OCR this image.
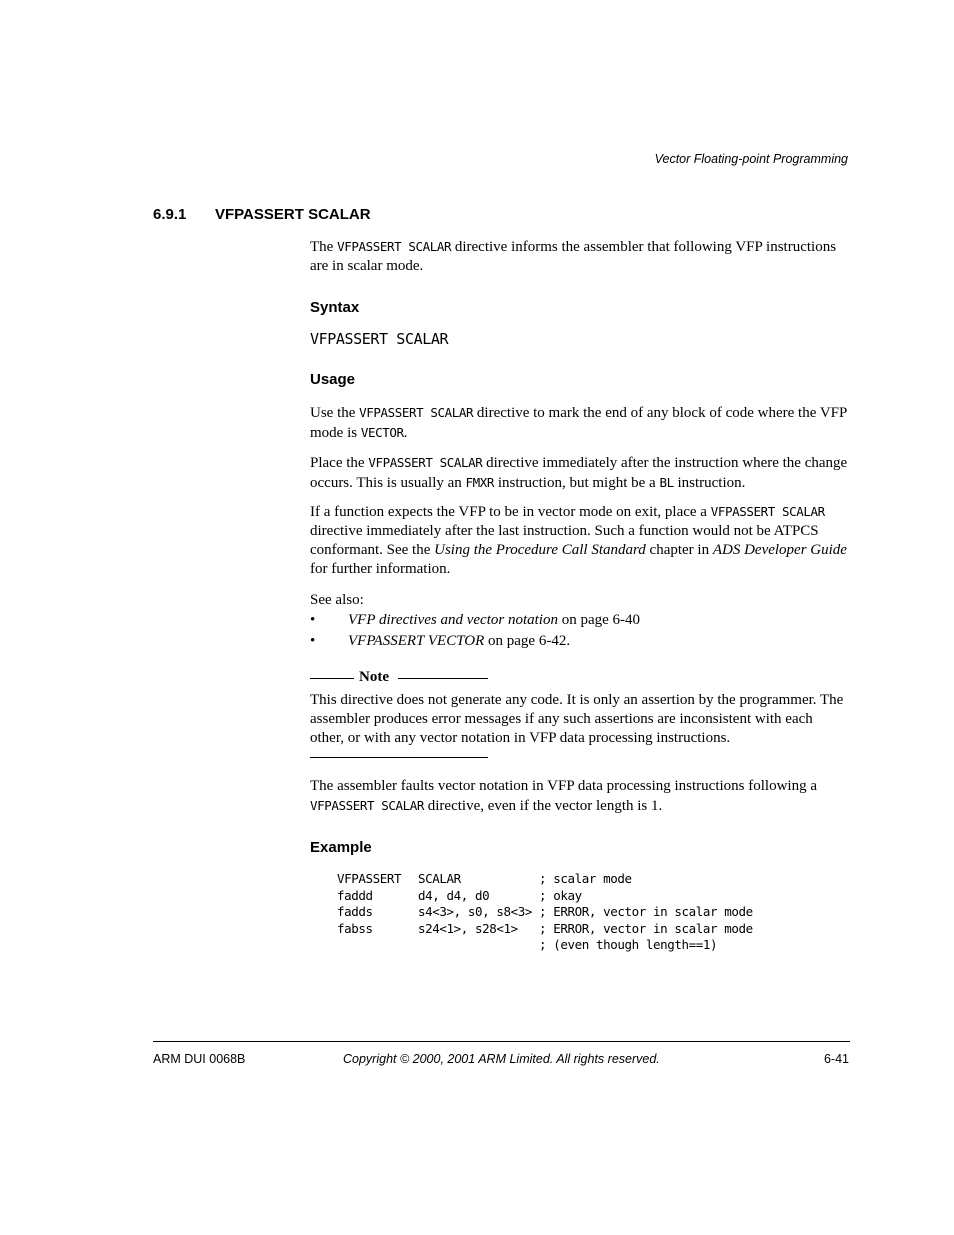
Vector Floating-point Programming
6.9.1 VFPASSERT SCALAR

The VFPASSERT SCALAR directive informs the assembler that following VFP instructions are in scalar mode.

Syntax
VFPASSERT SCALAR
Usage

Use the VFPASSERT SCALAR directive to mark the end of any block of code where the VFP mode is VECTOR.

Place the VFPASSERT SCALAR directive immediately after the instruction where the change occurs. This is usually an FMXR instruction, but might be a BL instruction.

If a function expects the VFP to be in vector mode on exit, place a VFPASSERT SCALAR directive immediately after the last instruction. Such a function would not be ATPCS conformant. See the Using the Procedure Call Standard chapter in ADS Developer Guide for further information.

See also:
• VFP directives and vector notation on page 6-40
• VFPASSERT VECTOR on page 6-42.
Note

This directive does not generate any code. It is only an assertion by the programmer. The assembler produces error messages if any such assertions are inconsistent with each other, or with any vector notation in VFP data processing instructions.

The assembler faults vector notation in VFP data processing instructions following a VFPASSERT SCALAR directive, even if the vector length is 1.

Example
VFPASSERT SCALAR	; scalar mode
faddd	d4, d4, d0	; okay
fadds	s4<3>, s0, s8<3> ; ERROR, vector in scalar mode
fabss	s24<1>, s28<1> ; ERROR, vector in scalar mode
; (even though length==1)
ARM DUI 0068B	Copyright © 2000, 2001 ARM Limited. All rights reserved.	6-41
